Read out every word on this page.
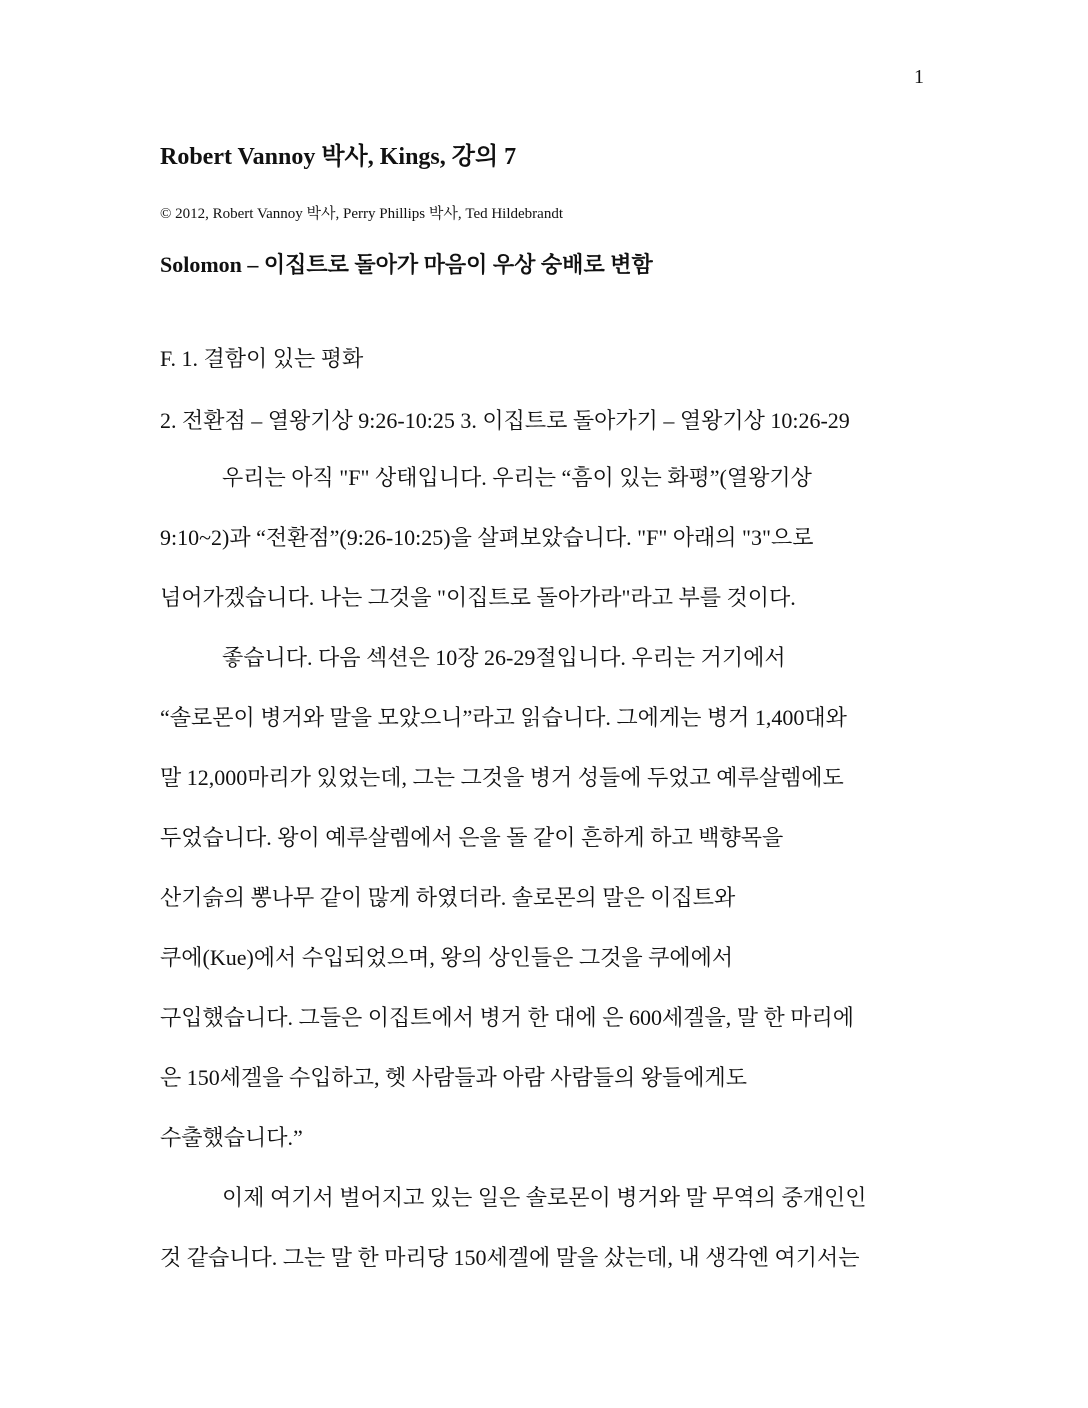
1
Robert Vannoy 박사, Kings, 강의 7
© 2012, Robert Vannoy 박사, Perry Phillips 박사, Ted Hildebrandt
Solomon – 이집트로 돌아가 마음이 우상 숭배로 변함
F. 1. 결함이 있는 평화
2. 전환점 – 열왕기상 9:26-10:25 3. 이집트로 돌아가기 – 열왕기상 10:26-29
우리는 아직 "F" 상태입니다. 우리는 “흠이 있는 화평”(열왕기상
9:10~2)과 “전환점”(9:26-10:25)을 살펴보았습니다. "F" 아래의 "3"으로
넘어가겠습니다. 나는 그것을 "이집트로 돌아가라"라고 부를 것이다.
좋습니다. 다음 섹션은 10장 26-29절입니다. 우리는 거기에서
“솔로몬이 병거와 말을 모았으니”라고 읽습니다. 그에게는 병거 1,400대와
말 12,000마리가 있었는데, 그는 그것을 병거 성들에 두었고 예루살렘에도
두었습니다. 왕이 예루살렘에서 은을 돌 같이 흔하게 하고 백향목을
산기슭의 뽕나무 같이 많게 하였더라. 솔로몬의 말은 이집트와
쿠에(Kue)에서 수입되었으며, 왕의 상인들은 그것을 쿠에에서
구입했습니다. 그들은 이집트에서 병거 한 대에 은 600세겔을, 말 한 마리에
은 150세겔을 수입하고, 헷 사람들과 아람 사람들의 왕들에게도
수출했습니다.”
이제 여기서 벌어지고 있는 일은 솔로몬이 병거와 말 무역의 중개인인
것 같습니다. 그는 말 한 마리당 150세겔에 말을 샀는데, 내 생각엔 여기서는
